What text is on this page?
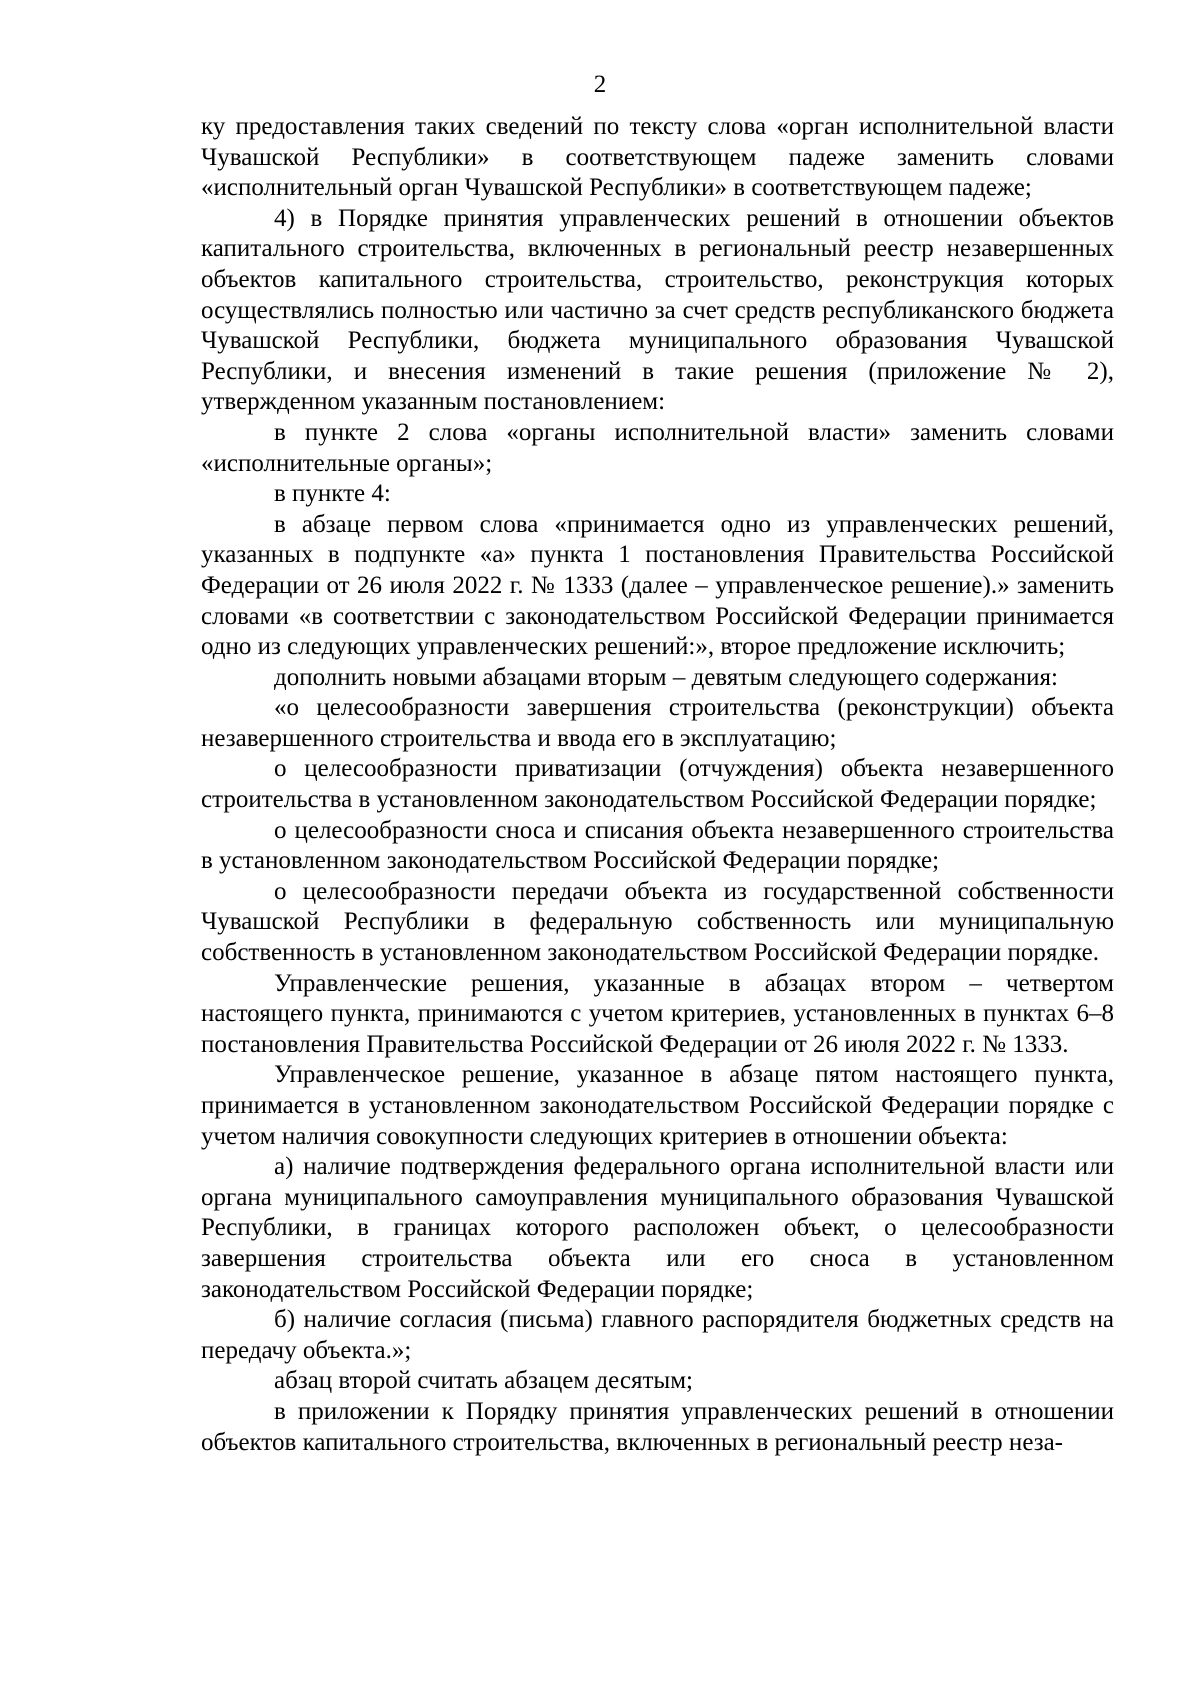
2

ку предоставления таких сведений по тексту слова «орган исполнительной власти Чувашской Республики» в соответствующем падеже заменить словами «исполнительный орган Чувашской Республики» в соответствующем падеже;

4) в Порядке принятия управленческих решений в отношении объектов капитального строительства, включенных в региональный реестр незавершенных объектов капитального строительства, строительство, реконструкция которых осуществлялись полностью или частично за счет средств республиканского бюджета Чувашской Республики, бюджета муниципального образования Чувашской Республики, и внесения изменений в такие решения (приложение № 2), утвержденном указанным постановлением:

в пункте 2 слова «органы исполнительной власти» заменить словами «исполнительные органы»;

в пункте 4:

в абзаце первом слова «принимается одно из управленческих решений, указанных в подпункте «а» пункта 1 постановления Правительства Российской Федерации от 26 июля 2022 г. № 1333 (далее – управленческое решение).» заменить словами «в соответствии с законодательством Российской Федерации принимается одно из следующих управленческих решений:», второе предложение исключить;

дополнить новыми абзацами вторым – девятым следующего содержания:

«о целесообразности завершения строительства (реконструкции) объекта незавершенного строительства и ввода его в эксплуатацию;

о целесообразности приватизации (отчуждения) объекта незавершенного строительства в установленном законодательством Российской Федерации порядке;

о целесообразности сноса и списания объекта незавершенного строительства в установленном законодательством Российской Федерации порядке;

о целесообразности передачи объекта из государственной собственности Чувашской Республики в федеральную собственность или муниципальную собственность в установленном законодательством Российской Федерации порядке.

Управленческие решения, указанные в абзацах втором – четвертом настоящего пункта, принимаются с учетом критериев, установленных в пунктах 6–8 постановления Правительства Российской Федерации от 26 июля 2022 г. № 1333.

Управленческое решение, указанное в абзаце пятом настоящего пункта, принимается в установленном законодательством Российской Федерации порядке с учетом наличия совокупности следующих критериев в отношении объекта:

а) наличие подтверждения федерального органа исполнительной власти или органа муниципального самоуправления муниципального образования Чувашской Республики, в границах которого расположен объект, о целесообразности завершения строительства объекта или его сноса в установленном законодательством Российской Федерации порядке;

б) наличие согласия (письма) главного распорядителя бюджетных средств на передачу объекта.»;

абзац второй считать абзацем десятым;

в приложении к Порядку принятия управленческих решений в отношении объектов капитального строительства, включенных в региональный реестр неза-
